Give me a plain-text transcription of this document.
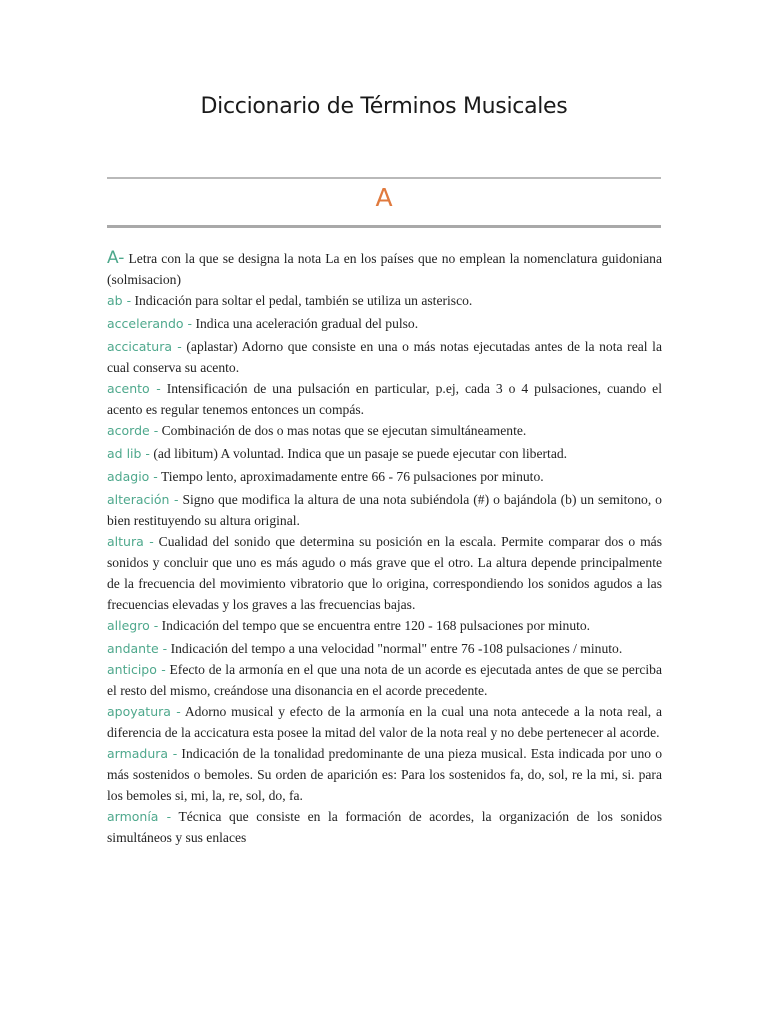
Diccionario de Términos Musicales
A

A- Letra con la que se designa la nota La en los países que no emplean la nomenclatura guidoniana (solmisacion)

ab - Indicación para soltar el pedal, también se utiliza un asterisco.

accelerando - Indica una aceleración gradual del pulso.

accicatura - (aplastar) Adorno que consiste en una o más notas ejecutadas antes de la nota real la cual conserva su acento.

acento - Intensificación de una pulsación en particular, p.ej, cada 3 o 4 pulsaciones, cuando el acento es regular tenemos entonces un compás.

acorde - Combinación de dos o mas notas que se ejecutan simultáneamente.

ad lib - (ad libitum) A voluntad. Indica que un pasaje se puede ejecutar con libertad.

adagio - Tiempo lento, aproximadamente entre 66 - 76 pulsaciones por minuto.

alteración - Signo que modifica la altura de una nota subiéndola (#) o bajándola (b) un semitono, o bien restituyendo su altura original.

altura - Cualidad del sonido que determina su posición en la escala. Permite comparar dos o más sonidos y concluir que uno es más agudo o más grave que el otro. La altura depende principalmente de la frecuencia del movimiento vibratorio que lo origina, correspondiendo los sonidos agudos a las frecuencias elevadas y los graves a las frecuencias bajas.

allegro - Indicación del tempo que se encuentra entre 120 - 168 pulsaciones por minuto.

andante - Indicación del tempo a una velocidad "normal" entre 76 -108 pulsaciones / minuto.

anticipo - Efecto de la armonía en el que una nota de un acorde es ejecutada antes de que se perciba el resto del mismo, creándose una disonancia en el acorde precedente.

apoyatura - Adorno musical y efecto de la armonía en la cual una nota antecede a la nota real, a diferencia de la accicatura esta posee la mitad del valor de la nota real y no debe pertenecer al acorde.

armadura - Indicación de la tonalidad predominante de una pieza musical. Esta indicada por uno o más sostenidos o bemoles. Su orden de aparición es: Para los sostenidos fa, do, sol, re la mi, si. para los bemoles si, mi, la, re, sol, do, fa.

armonía - Técnica que consiste en la formación de acordes, la organización de los sonidos simultáneos y sus enlaces
